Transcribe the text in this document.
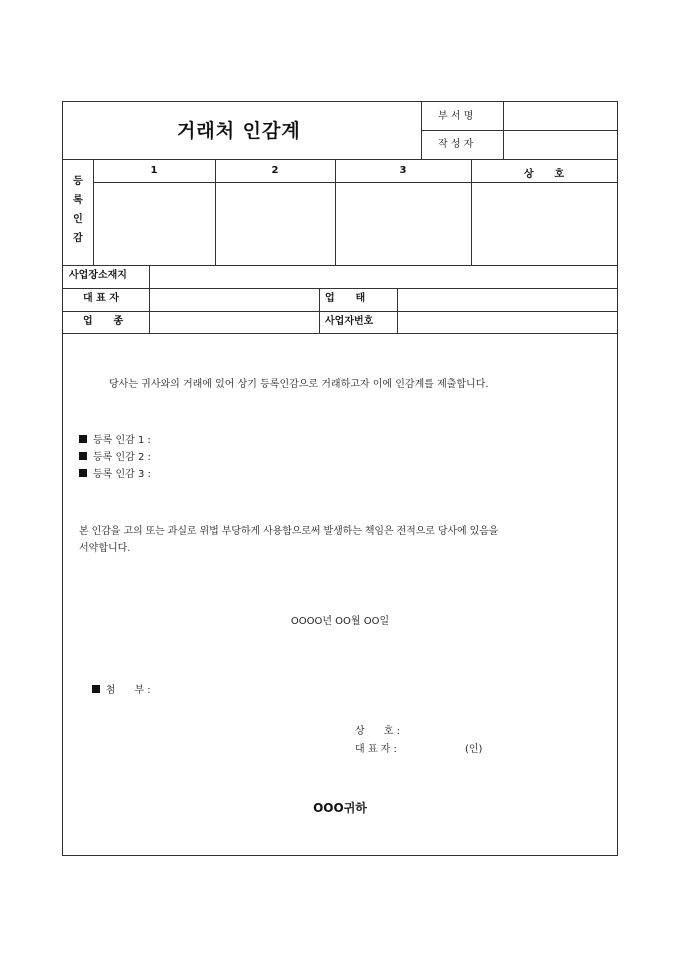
거래처 인감계
부 서 명
작 성 자
등
록
인
감
1	2	3	상      호
사업장소재지
대 표 자	업      태
업      종	사업자번호
당사는 귀사와의 거래에 있어 상기 등록인감으로 거래하고자 이에 인감계를 제출합니다.
등록 인감 1 :
등록 인감 2 :
등록 인감 3 :
본 인감을 고의 또는 과실로 위법 부당하게 사용함으로써 발생하는 책임은 전적으로 당사에 있음을
서약합니다.
OOOO년 OO월 OO일

첨      부 :

상      호 :
대 표 자 :	(인)
OOO귀하
